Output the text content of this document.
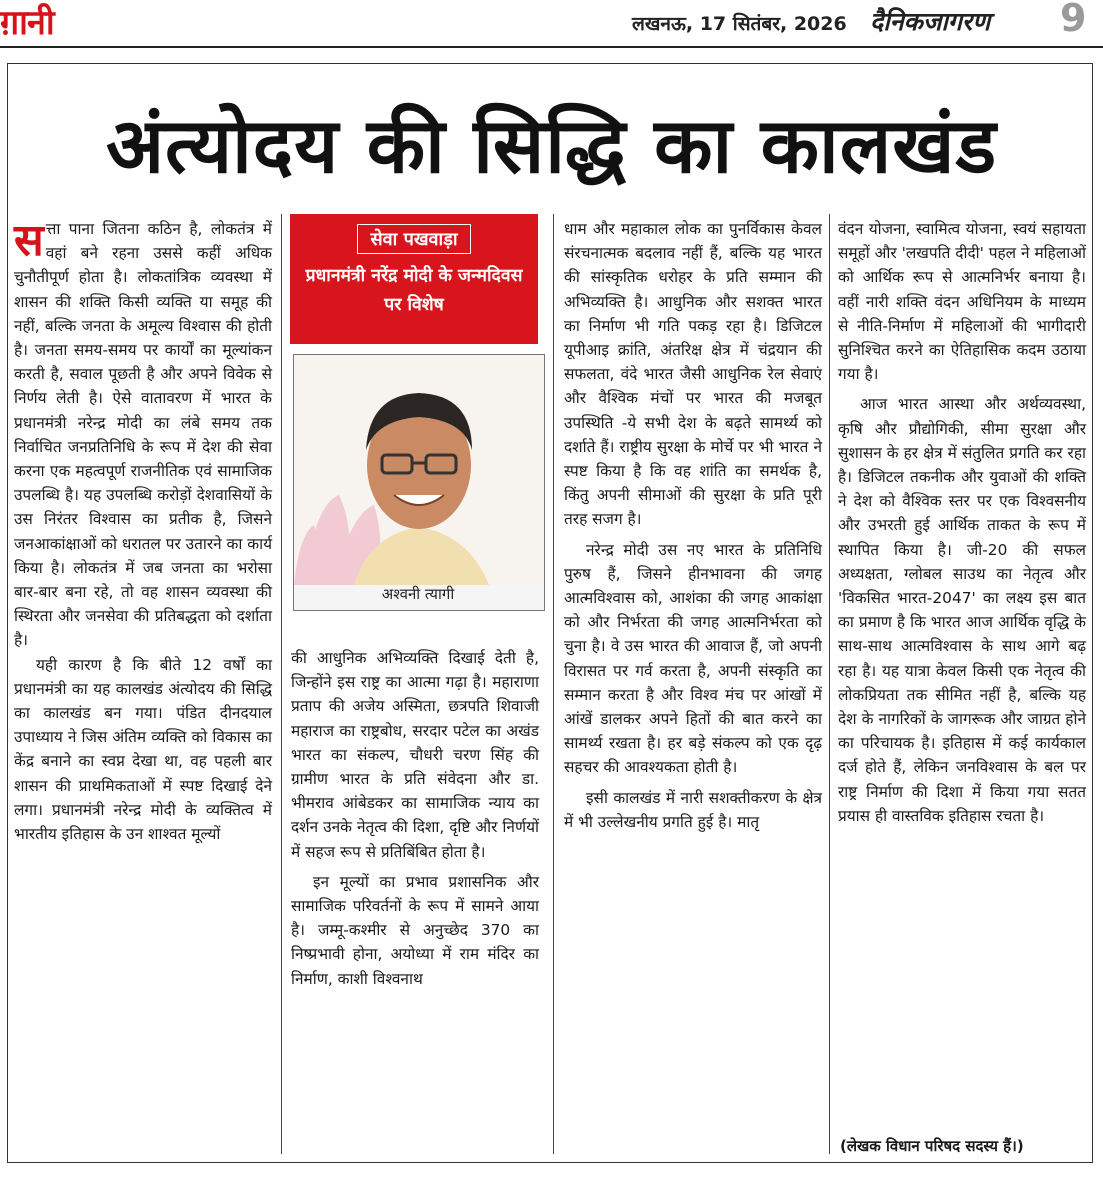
ग़ानी	लखनऊ, 17 सितंबर, 2026 दैनिकजागरण 9
अंत्योदय की सिद्धि का कालखंड

सत्ता पाना जितना कठिन है, लोकतंत्र में वहां बने रहना उससे कहीं अधिक चुनौतीपूर्ण होता है। लोकतांत्रिक व्यवस्था में शासन की शक्ति किसी व्यक्ति या समूह की नहीं, बल्कि जनता के अमूल्य विश्वास की होती है। जनता समय-समय पर कार्यों का मूल्यांकन करती है, सवाल पूछती है और अपने विवेक से निर्णय लेती है। ऐसे वातावरण में भारत के प्रधानमंत्री नरेन्द्र मोदी का लंबे समय तक निर्वाचित जनप्रतिनिधि के रूप में देश की सेवा करना एक महत्वपूर्ण राजनीतिक एवं सामाजिक उपलब्धि है। यह उपलब्धि करोड़ों देशवासियों के उस निरंतर विश्वास का प्रतीक है, जिसने जनआकांक्षाओं को धरातल पर उतारने का कार्य किया है। लोकतंत्र में जब जनता का भरोसा बार-बार बना रहे, तो वह शासन व्यवस्था की स्थिरता और जनसेवा की प्रतिबद्धता को दर्शाता है।

यही कारण है कि बीते 12 वर्षों का प्रधानमंत्री का यह कालखंड अंत्योदय की सिद्धि का कालखंड बन गया। पंडित दीनदयाल उपाध्याय ने जिस अंतिम व्यक्ति को विकास का केंद्र बनाने का स्वप्न देखा था, वह पहली बार शासन की प्राथमिकताओं में स्पष्ट दिखाई देने लगा। प्रधानमंत्री नरेन्द्र मोदी के व्यक्तित्व में भारतीय इतिहास के उन शाश्वत मूल्यों

सेवा पखवाड़ा
प्रधानमंत्री नरेंद्र मोदी के जन्मदिवस पर विशेष
अश्वनी त्यागी

की आधुनिक अभिव्यक्ति दिखाई देती है, जिन्होंने इस राष्ट्र का आत्मा गढ़ा है। महाराणा प्रताप की अजेय अस्मिता, छत्रपति शिवाजी महाराज का राष्ट्रबोध, सरदार पटेल का अखंड भारत का संकल्प, चौधरी चरण सिंह की ग्रामीण भारत के प्रति संवेदना और डा. भीमराव आंबेडकर का सामाजिक न्याय का दर्शन उनके नेतृत्व की दिशा, दृष्टि और निर्णयों में सहज रूप से प्रतिबिंबित होता है।

इन मूल्यों का प्रभाव प्रशासनिक और सामाजिक परिवर्तनों के रूप में सामने आया है। जम्मू-कश्मीर से अनुच्छेद 370 का निष्प्रभावी होना, अयोध्या में राम मंदिर का निर्माण, काशी विश्वनाथ

धाम और महाकाल लोक का पुनर्विकास केवल संरचनात्मक बदलाव नहीं हैं, बल्कि यह भारत की सांस्कृतिक धरोहर के प्रति सम्मान की अभिव्यक्ति है। आधुनिक और सशक्त भारत का निर्माण भी गति पकड़ रहा है। डिजिटल यूपीआइ क्रांति, अंतरिक्ष क्षेत्र में चंद्रयान की सफलता, वंदे भारत जैसी आधुनिक रेल सेवाएं और वैश्विक मंचों पर भारत की मजबूत उपस्थिति -ये सभी देश के बढ़ते सामर्थ्य को दर्शाते हैं। राष्ट्रीय सुरक्षा के मोर्चे पर भी भारत ने स्पष्ट किया है कि वह शांति का समर्थक है, किंतु अपनी सीमाओं की सुरक्षा के प्रति पूरी तरह सजग है।

नरेन्द्र मोदी उस नए भारत के प्रतिनिधि पुरुष हैं, जिसने हीनभावना की जगह आत्मविश्वास को, आशंका की जगह आकांक्षा को और निर्भरता की जगह आत्मनिर्भरता को चुना है। वे उस भारत की आवाज हैं, जो अपनी विरासत पर गर्व करता है, अपनी संस्कृति का सम्मान करता है और विश्व मंच पर आंखों में आंखें डालकर अपने हितों की बात करने का सामर्थ्य रखता है। हर बड़े संकल्प को एक दृढ़ सहचर की आवश्यकता होती है।

इसी कालखंड में नारी सशक्तीकरण के क्षेत्र में भी उल्लेखनीय प्रगति हुई है। मातृ

वंदन योजना, स्वामित्व योजना, स्वयं सहायता समूहों और 'लखपति दीदी' पहल ने महिलाओं को आर्थिक रूप से आत्मनिर्भर बनाया है। वहीं नारी शक्ति वंदन अधिनियम के माध्यम से नीति-निर्माण में महिलाओं की भागीदारी सुनिश्चित करने का ऐतिहासिक कदम उठाया गया है।

आज भारत आस्था और अर्थव्यवस्था, कृषि और प्रौद्योगिकी, सीमा सुरक्षा और सुशासन के हर क्षेत्र में संतुलित प्रगति कर रहा है। डिजिटल तकनीक और युवाओं की शक्ति ने देश को वैश्विक स्तर पर एक विश्वसनीय और उभरती हुई आर्थिक ताकत के रूप में स्थापित किया है। जी-20 की सफल अध्यक्षता, ग्लोबल साउथ का नेतृत्व और 'विकसित भारत-2047' का लक्ष्य इस बात का प्रमाण है कि भारत आज आर्थिक वृद्धि के साथ-साथ आत्मविश्वास के साथ आगे बढ़ रहा है। यह यात्रा केवल किसी एक नेतृत्व की लोकप्रियता तक सीमित नहीं है, बल्कि यह देश के नागरिकों के जागरूक और जाग्रत होने का परिचायक है। इतिहास में कई कार्यकाल दर्ज होते हैं, लेकिन जनविश्वास के बल पर राष्ट्र निर्माण की दिशा में किया गया सतत प्रयास ही वास्तविक इतिहास रचता है।

(लेखक विधान परिषद सदस्य हैं।)
